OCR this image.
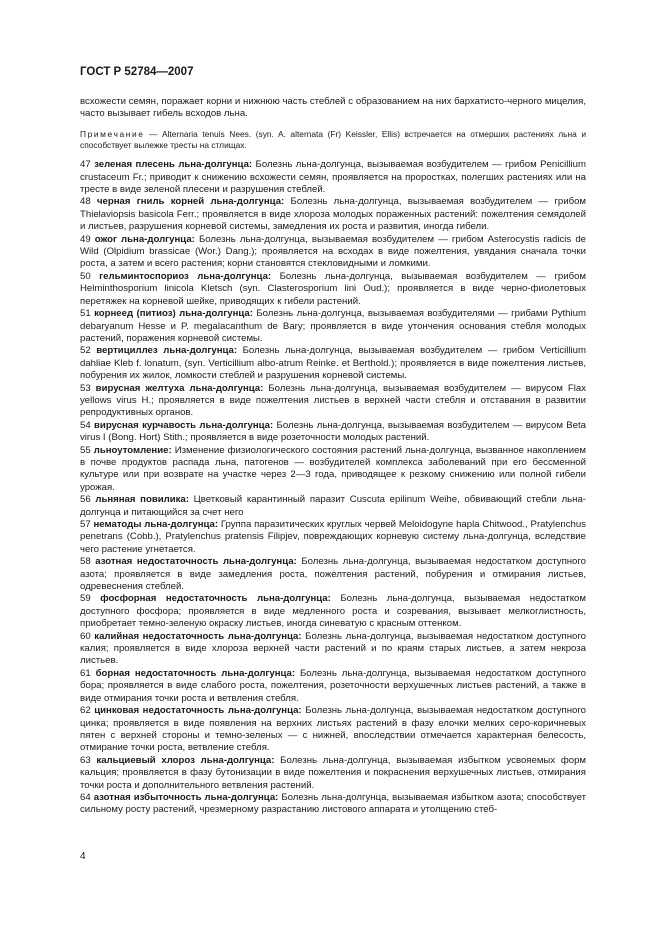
ГОСТ Р 52784—2007

всхожести семян, поражает корни и нижнюю часть стеблей с образованием на них бархатисто-черного мицелия, часто вызывает гибель всходов льна.

Примечание — Alternaria tenuis Nees. (syn. A. alternata (Fr) Keissler, Ellis) встречается на отмерших растениях льна и способствует вылежке тресты на стлищах.

47 зеленая плесень льна-долгунца: Болезнь льна-долгунца, вызываемая возбудителем — грибом Penicillium crustaceum Fr.; приводит к снижению всхожести семян, проявляется на проростках, полегших растениях или на тресте в виде зеленой плесени и разрушения стеблей.

48 черная гниль корней льна-долгунца: Болезнь льна-долгунца, вызываемая возбудителем — грибом Thielaviopsis basicola Ferr.; проявляется в виде хлороза молодых пораженных растений: пожелтения семядолей и листьев, разрушения корневой системы, замедления их роста и развития, иногда гибели.

49 ожог льна-долгунца: Болезнь льна-долгунца, вызываемая возбудителем — грибом Asterocystis radicis de Wild (Olpidium brassicae (Wor.) Dang.); проявляется на всходах в виде пожелтения, увядания сначала точки роста, а затем и всего растения; корни становятся стекловидными и ломкими.

50 гельминтоспориоз льна-долгунца: Болезнь льна-долгунца, вызываемая возбудителем — грибом Helminthosporium linicola Kletsch (syn. Clasterosporium lini Oud.); проявляется в виде черно-фиолетовых перетяжек на корневой шейке, приводящих к гибели растений.

51 корнеед (питиоз) льна-долгунца: Болезнь льна-долгунца, вызываемая возбудителями — грибами Pythium debaryanum Hesse и P. megalacanthum de Bary; проявляется в виде утончения основания стебля молодых растений, поражения корневой системы.

52 вертициллез льна-долгунца: Болезнь льна-долгунца, вызываемая возбудителем — грибом Verticillium dahliae Kleb f. lonatum, (syn. Verticillium albo-atrum Reinke. et Berthold.); проявляется в виде пожелтения листьев, побурения их жилок, ломкости стеблей и разрушения корневой системы.

53 вирусная желтуха льна-долгунца: Болезнь льна-долгунца, вызываемая возбудителем — вирусом Flax yellows virus H.; проявляется в виде пожелтения листьев в верхней части стебля и отставания в развитии репродуктивных органов.

54 вирусная курчавость льна-долгунца: Болезнь льна-долгунца, вызываемая возбудителем — вирусом Beta virus I (Bong. Hort) Stith.; проявляется в виде розеточности молодых растений.

55 льноутомление: Изменение физиологического состояния растений льна-долгунца, вызванное накоплением в почве продуктов распада льна, патогенов — возбудителей комплекса заболеваний при его бессменной культуре или при возврате на участке через 2—3 года, приводящее к резкому снижению или полной гибели урожая.

56 льняная повилика: Цветковый карантинный паразит Cuscuta epilinum Weihe, обвивающий стебли льна-долгунца и питающийся за счет него

57 нематоды льна-долгунца: Группа паразитических круглых червей Meloidogyne hapla Chitwood., Pratylenchus penetrans (Cobb.), Pratylenchus pratensis Filipjev, повреждающих корневую систему льна-долгунца, вследствие чего растение угнетается.

58 азотная недостаточность льна-долгунца: Болезнь льна-долгунца, вызываемая недостатком доступного азота; проявляется в виде замедления роста, пожелтения растений, побурения и отмирания листьев, одревеснения стеблей.

59 фосфорная недостаточность льна-долгунца: Болезнь льна-долгунца, вызываемая недостатком доступного фосфора; проявляется в виде медленного роста и созревания, вызывает мелкоглистность, приобретает темно-зеленую окраску листьев, иногда синеватую с красным оттенком.

60 калийная недостаточность льна-долгунца: Болезнь льна-долгунца, вызываемая недостатком доступного калия; проявляется в виде хлороза верхней части растений и по краям старых листьев, а затем некроза листьев.

61 борная недостаточность льна-долгунца: Болезнь льна-долгунца, вызываемая недостатком доступного бора; проявляется в виде слабого роста, пожелтения, розеточности верхушечных листьев растений, а также в виде отмирания точки роста и ветвления стебля.

62 цинковая недостаточность льна-долгунца: Болезнь льна-долгунца, вызываемая недостатком доступного цинка; проявляется в виде появления на верхних листьях растений в фазу елочки мелких серо-коричневых пятен с верхней стороны и темно-зеленых — с нижней, впоследствии отмечается характерная белесость, отмирание точки роста, ветвление стебля.

63 кальциевый хлороз льна-долгунца: Болезнь льна-долгунца, вызываемая избытком усвояемых форм кальция; проявляется в фазу бутонизации в виде пожелтения и покраснения верхушечных листьев, отмирания точки роста и дополнительного ветвления растений.

64 азотная избыточность льна-долгунца: Болезнь льна-долгунца, вызываемая избытком азота; способствует сильному росту растений, чрезмерному разрастанию листового аппарата и утолщению стеб-

4
